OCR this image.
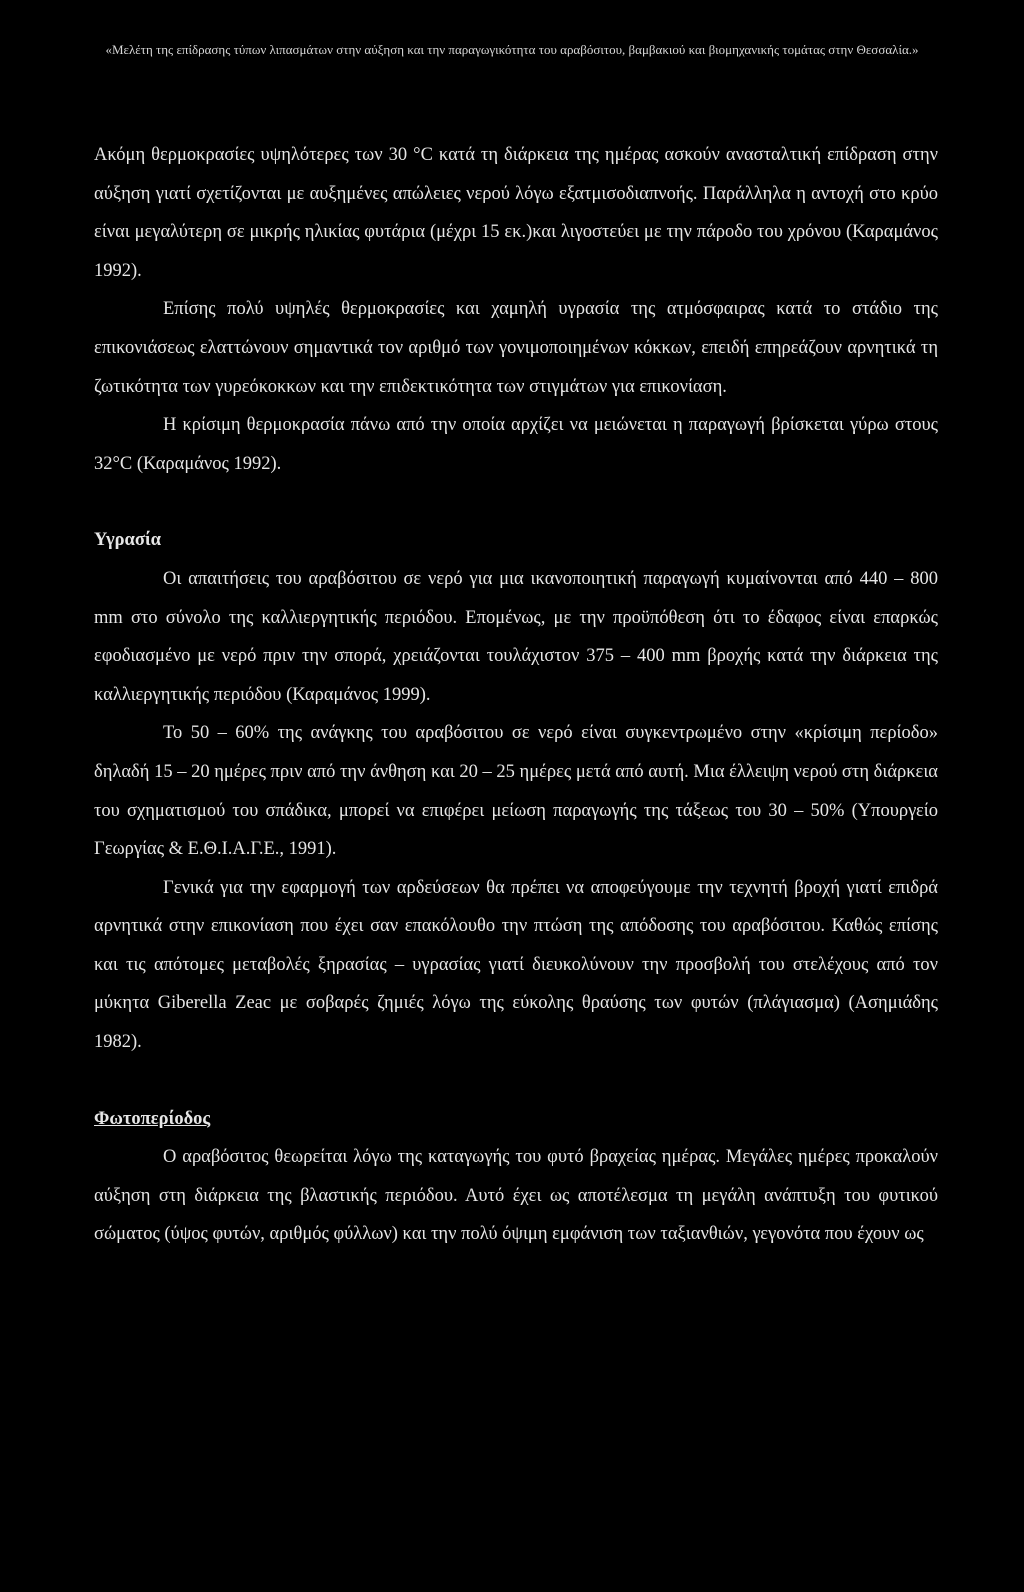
«Μελέτη της επίδρασης τύπων λιπασμάτων στην αύξηση και την παραγωγικότητα του αραβόσιτου, βαμβακιού και βιομηχανικής τομάτας στην Θεσσαλία.»

Ακόμη θερμοκρασίες υψηλότερες των 30 °C κατά τη διάρκεια της ημέρας ασκούν ανασταλτική επίδραση στην αύξηση γιατί σχετίζονται με αυξημένες απώλειες νερού λόγω εξατμισοδιαπνοής. Παράλληλα η αντοχή στο κρύο είναι μεγαλύτερη σε μικρής ηλικίας φυτάρια (μέχρι 15 εκ.)και λιγοστεύει με την πάροδο του χρόνου (Καραμάνος 1992).

Επίσης πολύ υψηλές θερμοκρασίες και χαμηλή υγρασία της ατμόσφαιρας κατά το στάδιο της επικονιάσεως ελαττώνουν σημαντικά τον αριθμό των γονιμοποιημένων κόκκων, επειδή επηρεάζουν αρνητικά τη ζωτικότητα των γυρεόκοκκων και την επιδεκτικότητα των στιγμάτων για επικονίαση.

Η κρίσιμη θερμοκρασία πάνω από την οποία αρχίζει να μειώνεται η παραγωγή βρίσκεται γύρω στους 32°C (Καραμάνος 1992).

Υγρασία

Οι απαιτήσεις του αραβόσιτου σε νερό για μια ικανοποιητική παραγωγή κυμαίνονται από 440 – 800 mm στο σύνολο της καλλιεργητικής περιόδου. Επομένως, με την προϋπόθεση ότι το έδαφος είναι επαρκώς εφοδιασμένο με νερό πριν την σπορά, χρειάζονται τουλάχιστον 375 – 400 mm βροχής κατά την διάρκεια της καλλιεργητικής περιόδου (Καραμάνος 1999).

Το 50 – 60% της ανάγκης του αραβόσιτου σε νερό είναι συγκεντρωμένο στην «κρίσιμη περίοδο» δηλαδή 15 – 20 ημέρες πριν από την άνθηση και 20 – 25 ημέρες μετά από αυτή. Μια έλλειψη νερού στη διάρκεια του σχηματισμού του σπάδικα, μπορεί να επιφέρει μείωση παραγωγής της τάξεως του 30 – 50% (Υπουργείο Γεωργίας & Ε.Θ.Ι.Α.Γ.Ε., 1991).

Γενικά για την εφαρμογή των αρδεύσεων θα πρέπει να αποφεύγουμε την τεχνητή βροχή γιατί επιδρά αρνητικά στην επικονίαση που έχει σαν επακόλουθο την πτώση της απόδοσης του αραβόσιτου. Καθώς επίσης και τις απότομες μεταβολές ξηρασίας – υγρασίας γιατί διευκολύνουν την προσβολή του στελέχους από τον μύκητα Giberella Zeac με σοβαρές ζημιές λόγω της εύκολης θραύσης των φυτών (πλάγιασμα) (Ασημιάδης 1982).

Φωτοπερίοδος

Ο αραβόσιτος θεωρείται λόγω της καταγωγής του φυτό βραχείας ημέρας. Μεγάλες ημέρες προκαλούν αύξηση στη διάρκεια της βλαστικής περιόδου. Αυτό έχει ως αποτέλεσμα τη μεγάλη ανάπτυξη του φυτικού σώματος (ύψος φυτών, αριθμός φύλλων) και την πολύ όψιμη εμφάνιση των ταξιανθιών, γεγονότα που έχουν ως
